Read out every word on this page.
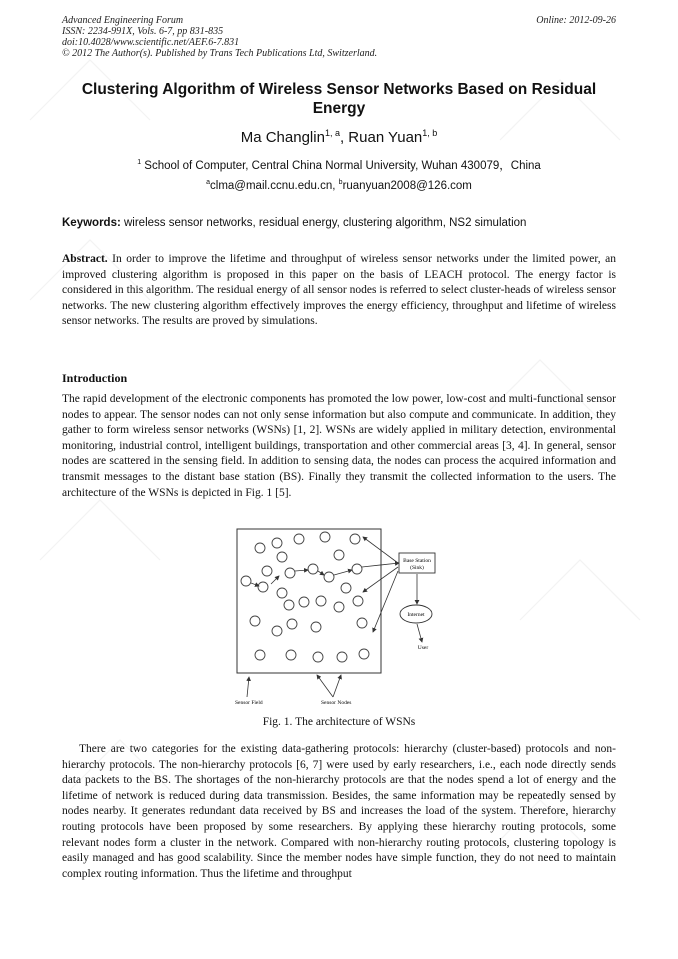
Advanced Engineering Forum
ISSN: 2234-991X, Vols. 6-7, pp 831-835
doi:10.4028/www.scientific.net/AEF.6-7.831
© 2012 The Author(s). Published by Trans Tech Publications Ltd, Switzerland.
Online: 2012-09-26
Clustering Algorithm of Wireless Sensor Networks Based on Residual Energy
Ma Changlin$^{1, a}$, Ruan Yuan$^{1, b}$
$^1$ School of Computer, Central China Normal University, Wuhan 430079，China
$^a$clma@mail.ccnu.edu.cn, $^b$ruanyuan2008@126.com
Keywords: wireless sensor networks, residual energy, clustering algorithm, NS2 simulation
Abstract. In order to improve the lifetime and throughput of wireless sensor networks under the limited power, an improved clustering algorithm is proposed in this paper on the basis of LEACH protocol. The energy factor is considered in this algorithm. The residual energy of all sensor nodes is referred to select cluster-heads of wireless sensor networks. The new clustering algorithm effectively improves the energy efficiency, throughput and lifetime of wireless sensor networks. The results are proved by simulations.
Introduction
The rapid development of the electronic components has promoted the low power, low-cost and multi-functional sensor nodes to appear. The sensor nodes can not only sense information but also compute and communicate. In addition, they gather to form wireless sensor networks (WSNs) [1, 2]. WSNs are widely applied in military detection, environmental monitoring, industrial control, intelligent buildings, transportation and other commercial areas [3, 4]. In general, sensor nodes are scattered in the sensing field. In addition to sensing data, the nodes can process the acquired information and transmit messages to the distant base station (BS). Finally they transmit the collected information to the users. The architecture of the WSNs is depicted in Fig. 1 [5].
Base Station
(Sink)
Internet
User
Sensor Field	Sensor Nodes
Fig. 1. The architecture of WSNs
There are two categories for the existing data-gathering protocols: hierarchy (cluster-based) protocols and non-hierarchy protocols. The non-hierarchy protocols [6, 7] were used by early researchers, i.e., each node directly sends data packets to the BS. The shortages of the non-hierarchy protocols are that the nodes spend a lot of energy and the lifetime of network is reduced during data transmission. Besides, the same information may be repeatedly sensed by nodes nearby. It generates redundant data received by BS and increases the load of the system. Therefore, hierarchy routing protocols have been proposed by some researchers. By applying these hierarchy routing protocols, some relevant nodes form a cluster in the network. Compared with non-hierarchy routing protocols, clustering topology is easily managed and has good scalability. Since the member nodes have simple function, they do not need to maintain complex routing information. Thus the lifetime and throughput
